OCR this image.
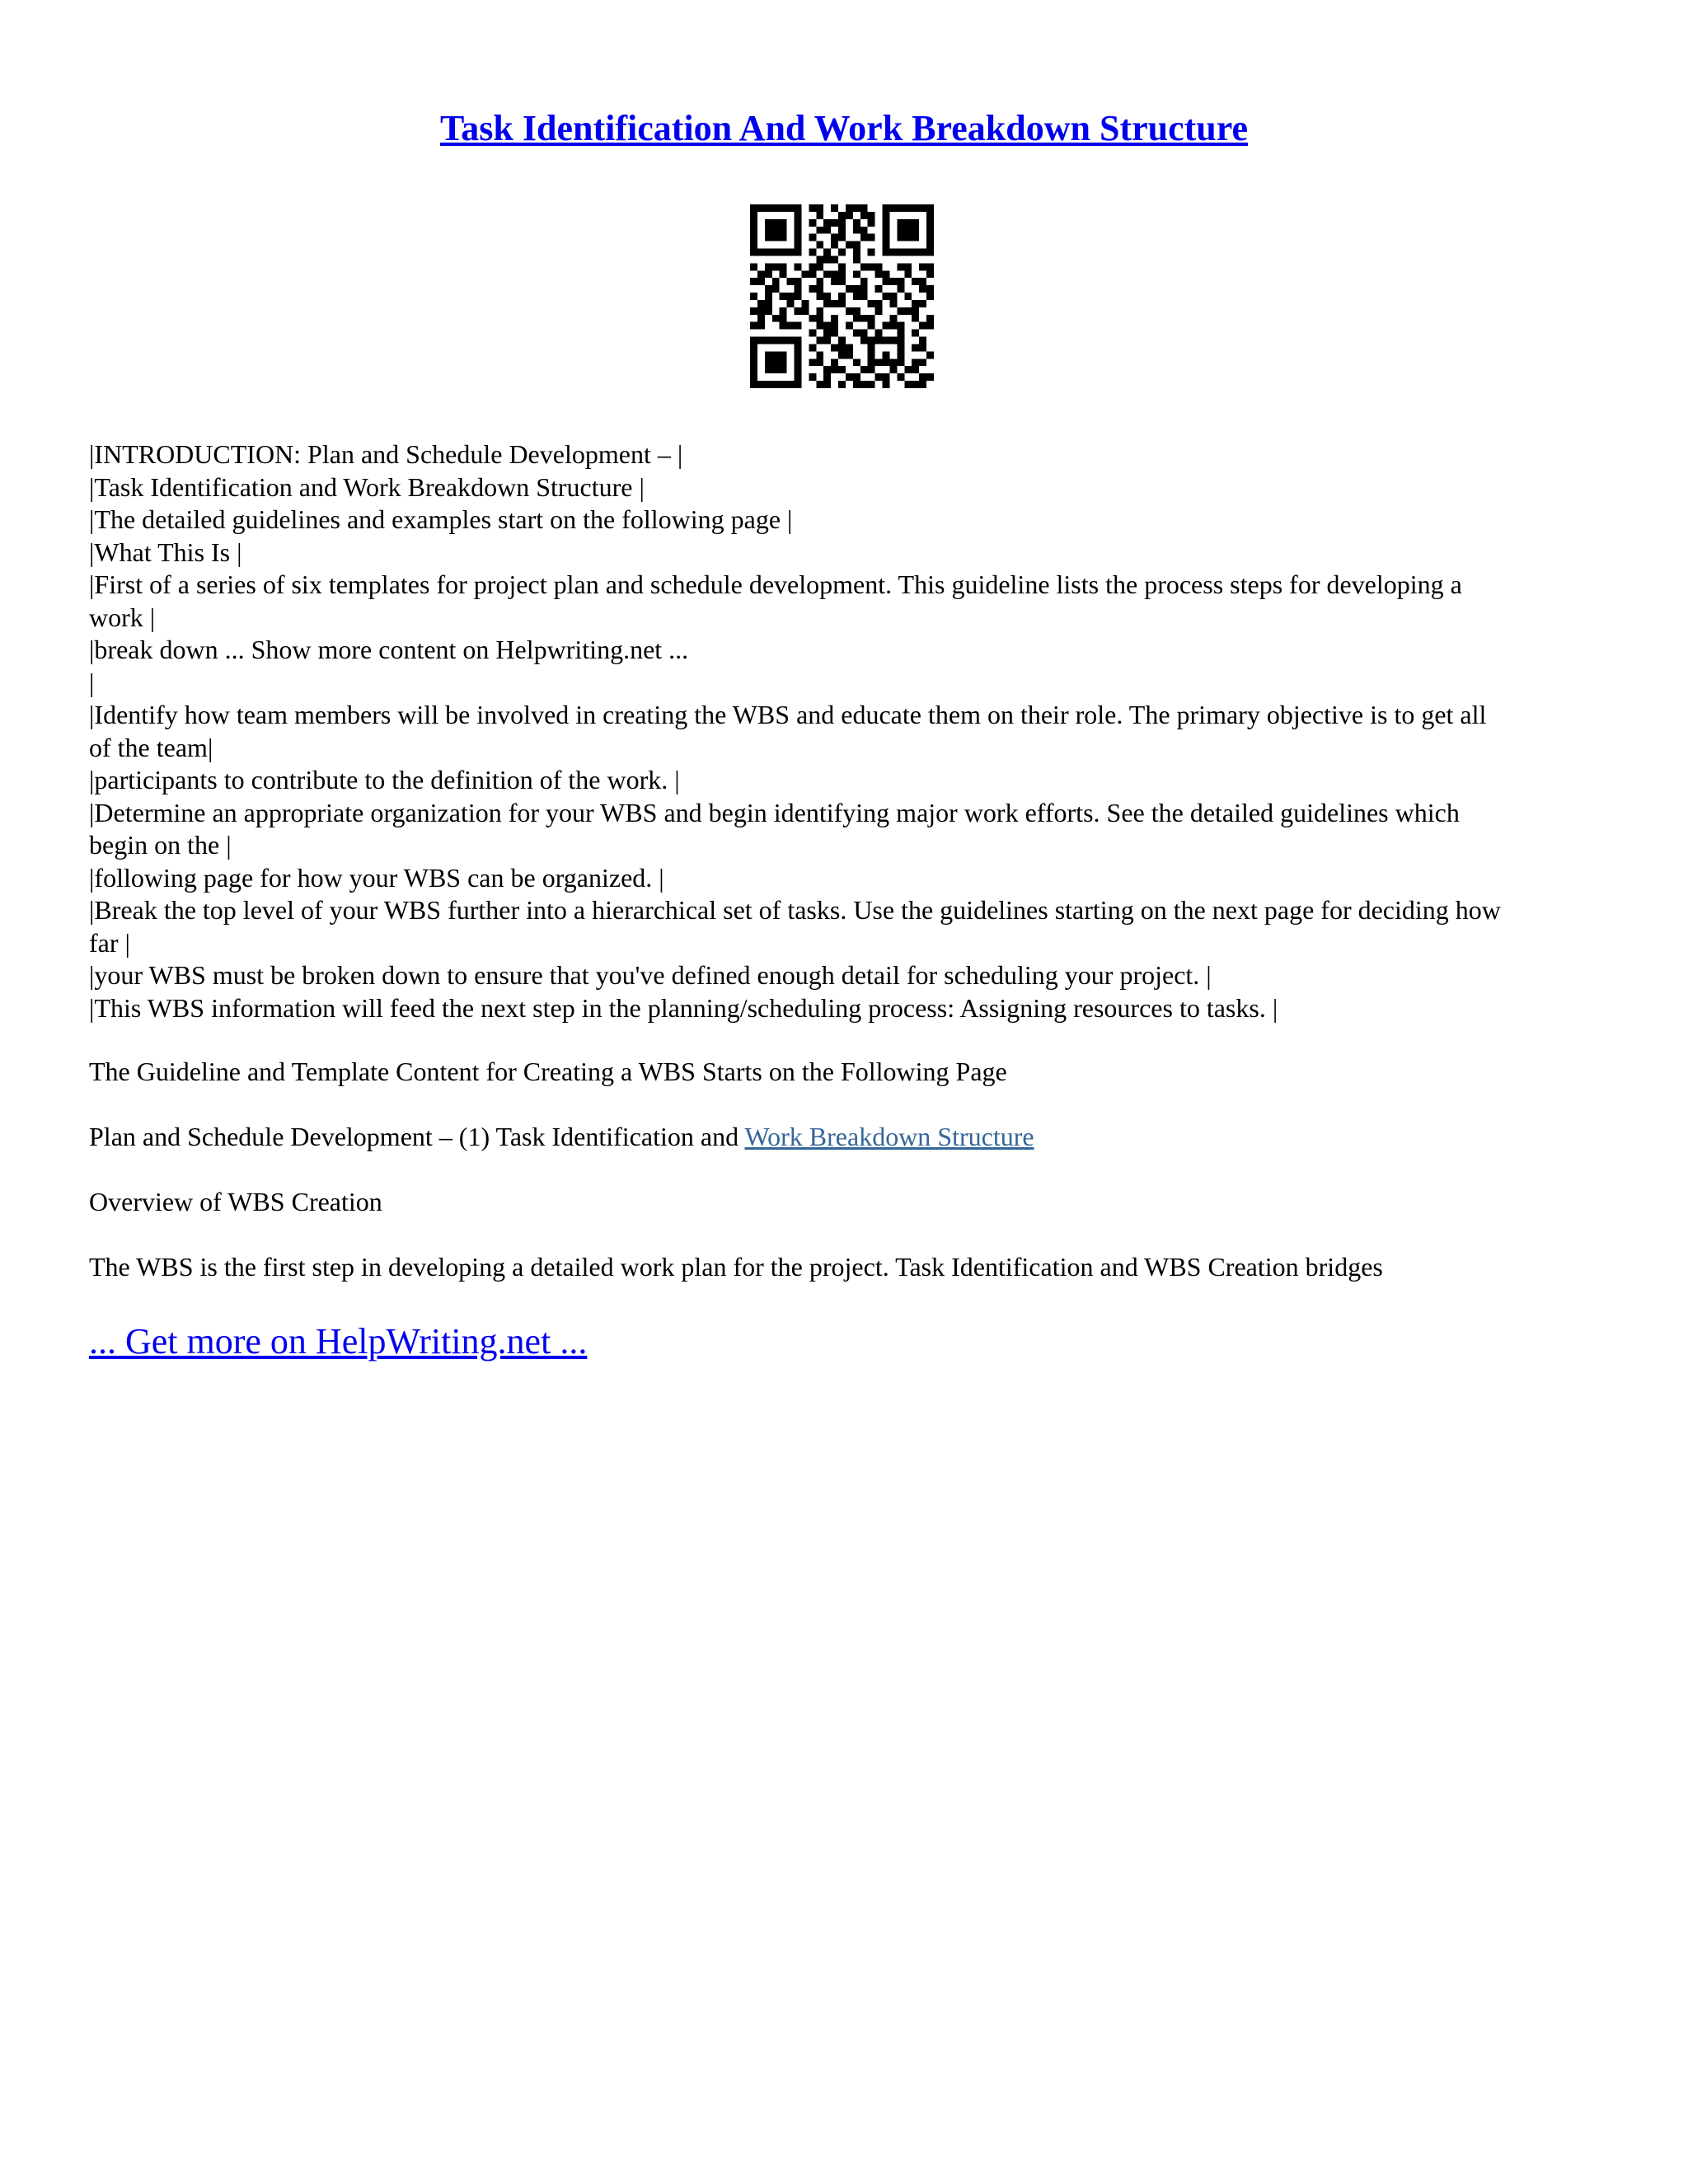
Task Identification And Work Breakdown Structure
|INTRODUCTION: Plan and Schedule Development – |
|Task Identification and Work Breakdown Structure |
|The detailed guidelines and examples start on the following page |
|What This Is |
|First of a series of six templates for project plan and schedule development. This guideline lists the process steps for developing a
work |
|break down ... Show more content on Helpwriting.net ...
|
|Identify how team members will be involved in creating the WBS and educate them on their role. The primary objective is to get all
of the team|
|participants to contribute to the definition of the work. |
|Determine an appropriate organization for your WBS and begin identifying major work efforts. See the detailed guidelines which
begin on the |
|following page for how your WBS can be organized. |
|Break the top level of your WBS further into a hierarchical set of tasks. Use the guidelines starting on the next page for deciding how
far |
|your WBS must be broken down to ensure that you've defined enough detail for scheduling your project. |
|This WBS information will feed the next step in the planning/scheduling process: Assigning resources to tasks. |

The Guideline and Template Content for Creating a WBS Starts on the Following Page

Plan and Schedule Development – (1) Task Identification and Work Breakdown Structure

Overview of WBS Creation

The WBS is the first step in developing a detailed work plan for the project. Task Identification and WBS Creation bridges

... Get more on HelpWriting.net ...
